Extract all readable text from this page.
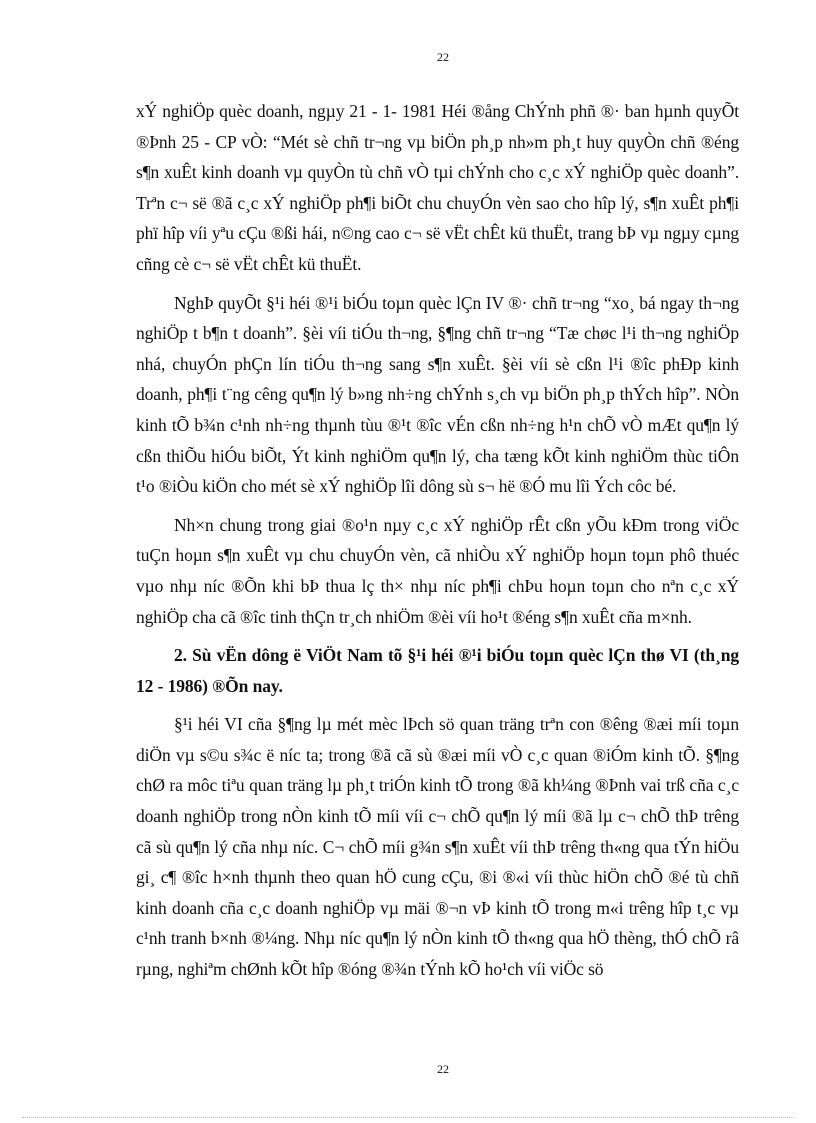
22

xÝ nghiÖp quèc doanh, ngµy 21 - 1- 1981 Héi ®ång ChÝnh phñ ®· ban hµnh quyÕt ®Þnh 25 - CP vÒ: “Mét sè chñ tr¬ng vµ biÖn ph¸p nh»m ph¸t huy quyÒn chñ ®éng s¶n xuÊt kinh doanh vµ quyÒn tù chñ vÒ tµi chÝnh cho c¸c xÝ nghiÖp quèc doanh”. Trªn c¬ së ®ã c¸c xÝ nghiÖp ph¶i biÕt chu chuyÓn vèn sao cho hîp lý, s¶n xuÊt ph¶i phï hîp víi yªu cÇu ®ßi hái, n©ng cao c¬ së vËt chÊt kü thuËt, trang bÞ vµ ngµy cµng cñng cè c¬ së vËt chÊt kü thuËt.

NghÞ quyÕt §¹i héi ®¹i biÓu toµn quèc lÇn IV ®· chñ tr¬ng “xo¸ bá ngay th¬ng nghiÖp t b¶n t doanh”. §èi víi tiÓu th¬ng, §¶ng chñ tr¬ng “Tæ chøc l¹i th¬ng nghiÖp nhá, chuyÓn phÇn lín tiÓu th¬ng sang s¶n xuÊt. §èi víi sè cßn l¹i ®îc phÐp kinh doanh, ph¶i t¨ng cêng qu¶n lý b»ng nh÷ng chÝnh s¸ch vµ biÖn ph¸p thÝch hîp”. NÒn kinh tÕ b¾n c¹nh nh÷ng thµnh tùu ®¹t ®îc vÉn cßn nh÷ng h¹n chÕ vÒ mÆt qu¶n lý cßn thiÕu hiÓu biÕt, Ýt kinh nghiÖm qu¶n lý, cha tæng kÕt kinh nghiÖm thùc tiÔn t¹o ®iÒu kiÖn cho mét sè xÝ nghiÖp lîi dông sù s¬ hë ®Ó mu lîi Ých côc bé.

Nh×n chung trong giai ®o¹n nµy c¸c xÝ nghiÖp rÊt cßn yÕu kÐm trong viÖc tuÇn hoµn s¶n xuÊt vµ chu chuyÓn vèn, cã nhiÒu xÝ nghiÖp hoµn toµn phô thuéc vµo nhµ níc ®Õn khi bÞ thua lç th× nhµ níc ph¶i chÞu hoµn toµn cho nªn c¸c xÝ nghiÖp cha cã ®îc tinh thÇn tr¸ch nhiÖm ®èi víi ho¹t ®éng s¶n xuÊt cña m×nh.

2. Sù vËn dông ë ViÖt Nam tõ §¹i héi ®¹i biÓu toµn quèc lÇn thø VI (th¸ng 12 - 1986) ®Õn nay.

§¹i héi VI cña §¶ng lµ mét mèc lÞch sö quan träng trªn con ®êng ®æi míi toµn diÖn vµ s©u s¾c ë níc ta; trong ®ã cã sù ®æi míi vÒ c¸c quan ®iÓm kinh tÕ. §¶ng chØ ra môc tiªu quan träng lµ ph¸t triÓn kinh tÕ trong ®ã kh¼ng ®Þnh vai trß cña c¸c doanh nghiÖp trong nÒn kinh tÕ míi víi c¬ chÕ qu¶n lý míi ®ã lµ c¬ chÕ thÞ trêng cã sù qu¶n lý cña nhµ níc. C¬ chÕ míi g¾n s¶n xuÊt víi thÞ trêng th«ng qua tÝn hiÖu gi¸ c¶ ®îc h×nh thµnh theo quan hÖ cung cÇu, ®i ®«i víi thùc hiÖn chÕ ®é tù chñ kinh doanh cña c¸c doanh nghiÖp vµ mäi ®¬n vÞ kinh tÕ trong m«i trêng hîp t¸c vµ c¹nh tranh b×nh ®¼ng. Nhµ níc qu¶n lý nÒn kinh tÕ th«ng qua hÖ thèng, thÓ chÕ râ rµng, nghiªm chØnh kÕt hîp ®óng ®¾n tÝnh kÕ ho¹ch víi viÖc sö

22
